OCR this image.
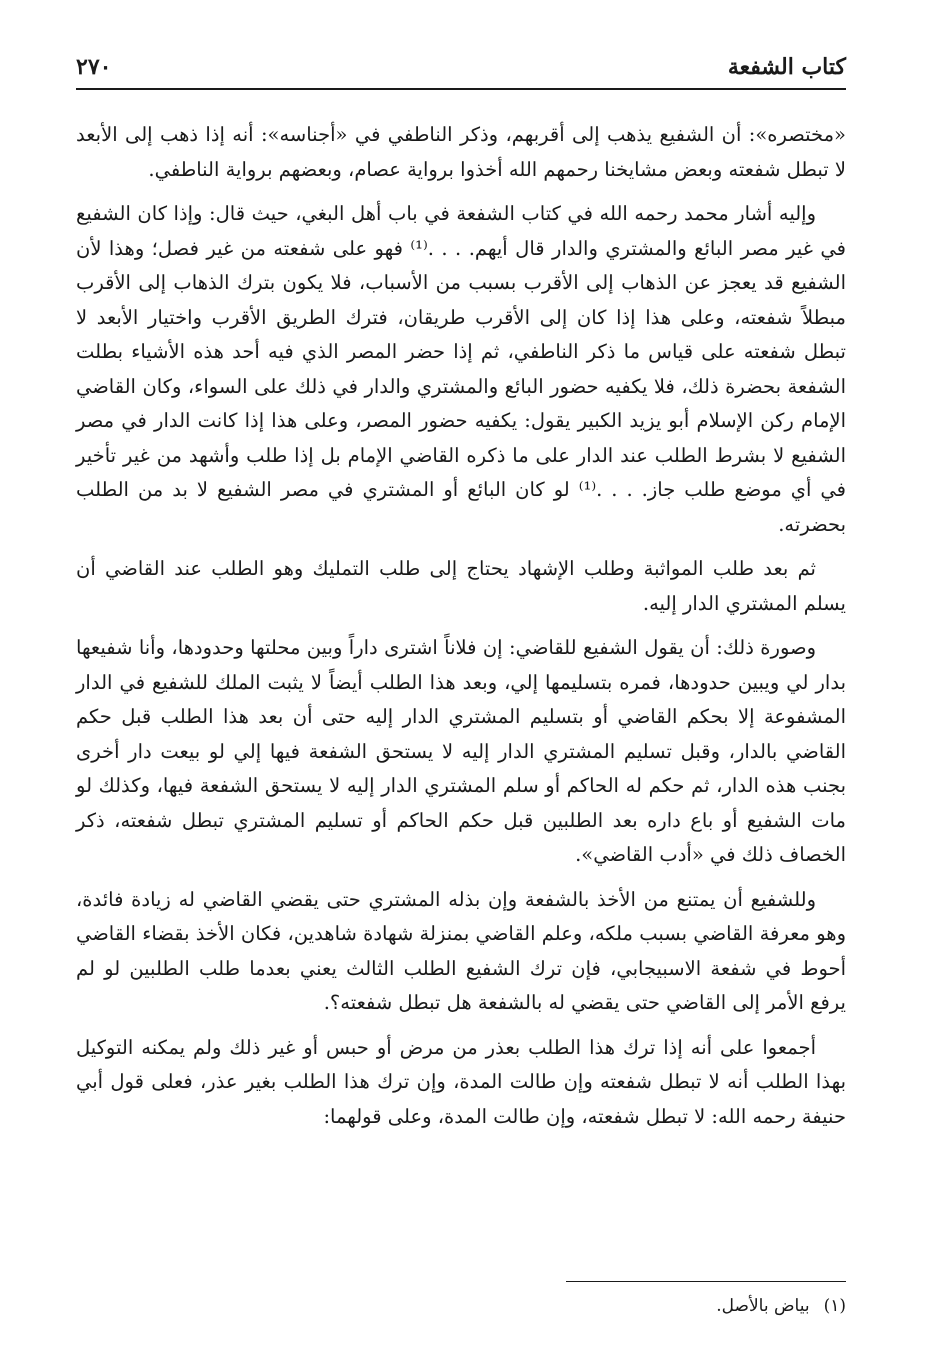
كتاب الشفعة
٢٧٠

«مختصره»: أن الشفيع يذهب إلى أقربهم، وذكر الناطفي في «أجناسه»: أنه إذا ذهب إلى الأبعد لا تبطل شفعته وبعض مشايخنا رحمهم الله أخذوا برواية عصام، وبعضهم برواية الناطفي.

وإليه أشار محمد رحمه الله في كتاب الشفعة في باب أهل البغي، حيث قال: وإذا كان الشفيع في غير مصر البائع والمشتري والدار قال أيهم. . . .⁽¹⁾ فهو على شفعته من غير فصل؛ وهذا لأن الشفيع قد يعجز عن الذهاب إلى الأقرب بسبب من الأسباب، فلا يكون بترك الذهاب إلى الأقرب مبطلاً شفعته، وعلى هذا إذا كان إلى الأقرب طريقان، فترك الطريق الأقرب واختيار الأبعد لا تبطل شفعته على قياس ما ذكر الناطفي، ثم إذا حضر المصر الذي فيه أحد هذه الأشياء بطلت الشفعة بحضرة ذلك، فلا يكفيه حضور البائع والمشتري والدار في ذلك على السواء، وكان القاضي الإمام ركن الإسلام أبو يزيد الكبير يقول: يكفيه حضور المصر، وعلى هذا إذا كانت الدار في مصر الشفيع لا بشرط الطلب عند الدار على ما ذكره القاضي الإمام بل إذا طلب وأشهد من غير تأخير في أي موضع طلب جاز. . . .⁽¹⁾ لو كان البائع أو المشتري في مصر الشفيع لا بد من الطلب بحضرته.

ثم بعد طلب المواثبة وطلب الإشهاد يحتاج إلى طلب التمليك وهو الطلب عند القاضي أن يسلم المشتري الدار إليه.

وصورة ذلك: أن يقول الشفيع للقاضي: إن فلاناً اشترى داراً وبين محلتها وحدودها، وأنا شفيعها بدار لي ويبين حدودها، فمره بتسليمها إلي، وبعد هذا الطلب أيضاً لا يثبت الملك للشفيع في الدار المشفوعة إلا بحكم القاضي أو بتسليم المشتري الدار إليه حتى أن بعد هذا الطلب قبل حكم القاضي بالدار، وقبل تسليم المشتري الدار إليه لا يستحق الشفعة فيها إلي لو بيعت دار أخرى بجنب هذه الدار، ثم حكم له الحاكم أو سلم المشتري الدار إليه لا يستحق الشفعة فيها، وكذلك لو مات الشفيع أو باع داره بعد الطلبين قبل حكم الحاكم أو تسليم المشتري تبطل شفعته، ذكر الخصاف ذلك في «أدب القاضي».

وللشفيع أن يمتنع من الأخذ بالشفعة وإن بذله المشتري حتى يقضي القاضي له زيادة فائدة، وهو معرفة القاضي بسبب ملكه، وعلم القاضي بمنزلة شهادة شاهدين، فكان الأخذ بقضاء القاضي أحوط في شفعة الاسبيجابي، فإن ترك الشفيع الطلب الثالث يعني بعدما طلب الطلبين لو لم يرفع الأمر إلى القاضي حتى يقضي له بالشفعة هل تبطل شفعته؟.

أجمعوا على أنه إذا ترك هذا الطلب بعذر من مرض أو حبس أو غير ذلك ولم يمكنه التوكيل بهذا الطلب أنه لا تبطل شفعته وإن طالت المدة، وإن ترك هذا الطلب بغير عذر، فعلى قول أبي حنيفة رحمه الله: لا تبطل شفعته، وإن طالت المدة، وعلى قولهما:

(١)بياض بالأصل.
